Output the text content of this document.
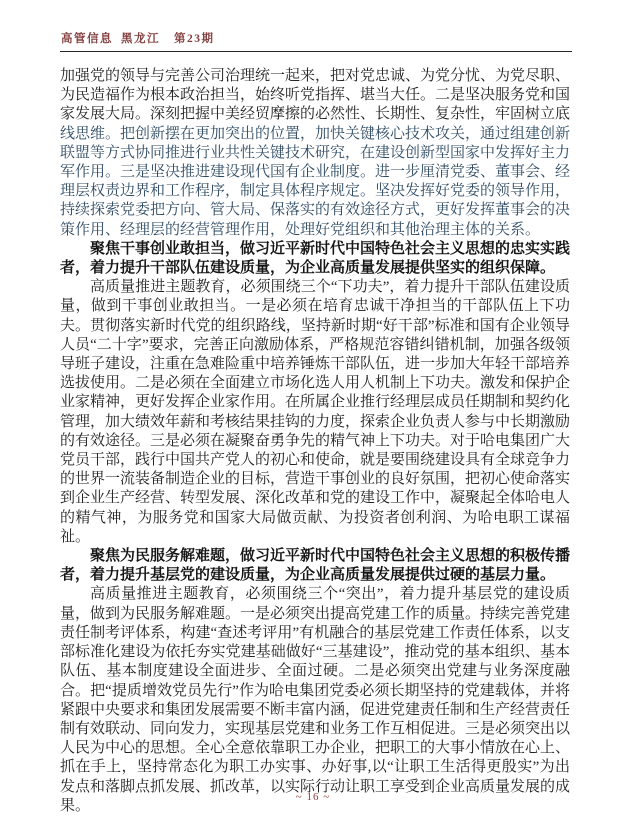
高管信息 黑龙江 第23期

加强党的领导与完善公司治理统一起来，把对党忠诚、为党分忧、为党尽职、为民造福作为根本政治担当，始终听党指挥、堪当大任。二是坚决服务党和国家发展大局。深刻把握中美经贸摩擦的必然性、长期性、复杂性，牢固树立底线思维。把创新摆在更加突出的位置，加快关键核心技术攻关，通过组建创新联盟等方式协同推进行业共性关键技术研究，在建设创新型国家中发挥好主力军作用。三是坚决推进建设现代国有企业制度。进一步厘清党委、董事会、经理层权责边界和工作程序，制定具体程序规定。坚决发挥好党委的领导作用，持续探索党委把方向、管大局、保落实的有效途径方式，更好发挥董事会的决策作用、经理层的经营管理作用，处理好党组织和其他治理主体的关系。

聚焦干事创业敢担当，做习近平新时代中国特色社会主义思想的忠实实践者，着力提升干部队伍建设质量，为企业高质量发展提供坚实的组织保障。

高质量推进主题教育，必须围绕三个“下功夫”，着力提升干部队伍建设质量，做到干事创业敢担当。一是必须在培育忠诚干净担当的干部队伍上下功夫。贯彻落实新时代党的组织路线，坚持新时期“好干部”标准和国有企业领导人员“二十字”要求，完善正向激励体系，严格规范容错纠错机制，加强各级领导班子建设，注重在急难险重中培养锤炼干部队伍，进一步加大年轻干部培养选拔使用。二是必须在全面建立市场化选人用人机制上下功夫。激发和保护企业家精神，更好发挥企业家作用。在所属企业推行经理层成员任期制和契约化管理，加大绩效年薪和考核结果挂钩的力度，探索企业负责人参与中长期激励的有效途径。三是必须在凝聚奋勇争先的精气神上下功夫。对于哈电集团广大党员干部，践行中国共产党人的初心和使命，就是要围绕建设具有全球竞争力的世界一流装备制造企业的目标，营造干事创业的良好氛围，把初心使命落实到企业生产经营、转型发展、深化改革和党的建设工作中，凝聚起全体哈电人的精气神，为服务党和国家大局做贡献、为投资者创利润、为哈电职工谋福祉。

聚焦为民服务解难题，做习近平新时代中国特色社会主义思想的积极传播者，着力提升基层党的建设质量，为企业高质量发展提供过硬的基层力量。

高质量推进主题教育，必须围绕三个“突出”，着力提升基层党的建设质量，做到为民服务解难题。一是必须突出提高党建工作的质量。持续完善党建责任制考评体系，构建“查述考评用”有机融合的基层党建工作责任体系，以支部标准化建设为依托夯实党建基础做好“三基建设”，推动党的基本组织、基本队伍、基本制度建设全面进步、全面过硬。二是必须突出党建与业务深度融合。把“提质增效党员先行”作为哈电集团党委必须长期坚持的党建载体，并将紧跟中央要求和集团发展需要不断丰富内涵，促进党建责任制和生产经营责任制有效联动、同向发力，实现基层党建和业务工作互相促进。三是必须突出以人民为中心的思想。全心全意依靠职工办企业，把职工的大事小情放在心上、抓在手上，坚持常态化为职工办实事、办好事,以“让职工生活得更殷实”为出发点和落脚点抓发展、抓改革，以实际行动让职工享受到企业高质量发展的成果。

~ 16 ~
